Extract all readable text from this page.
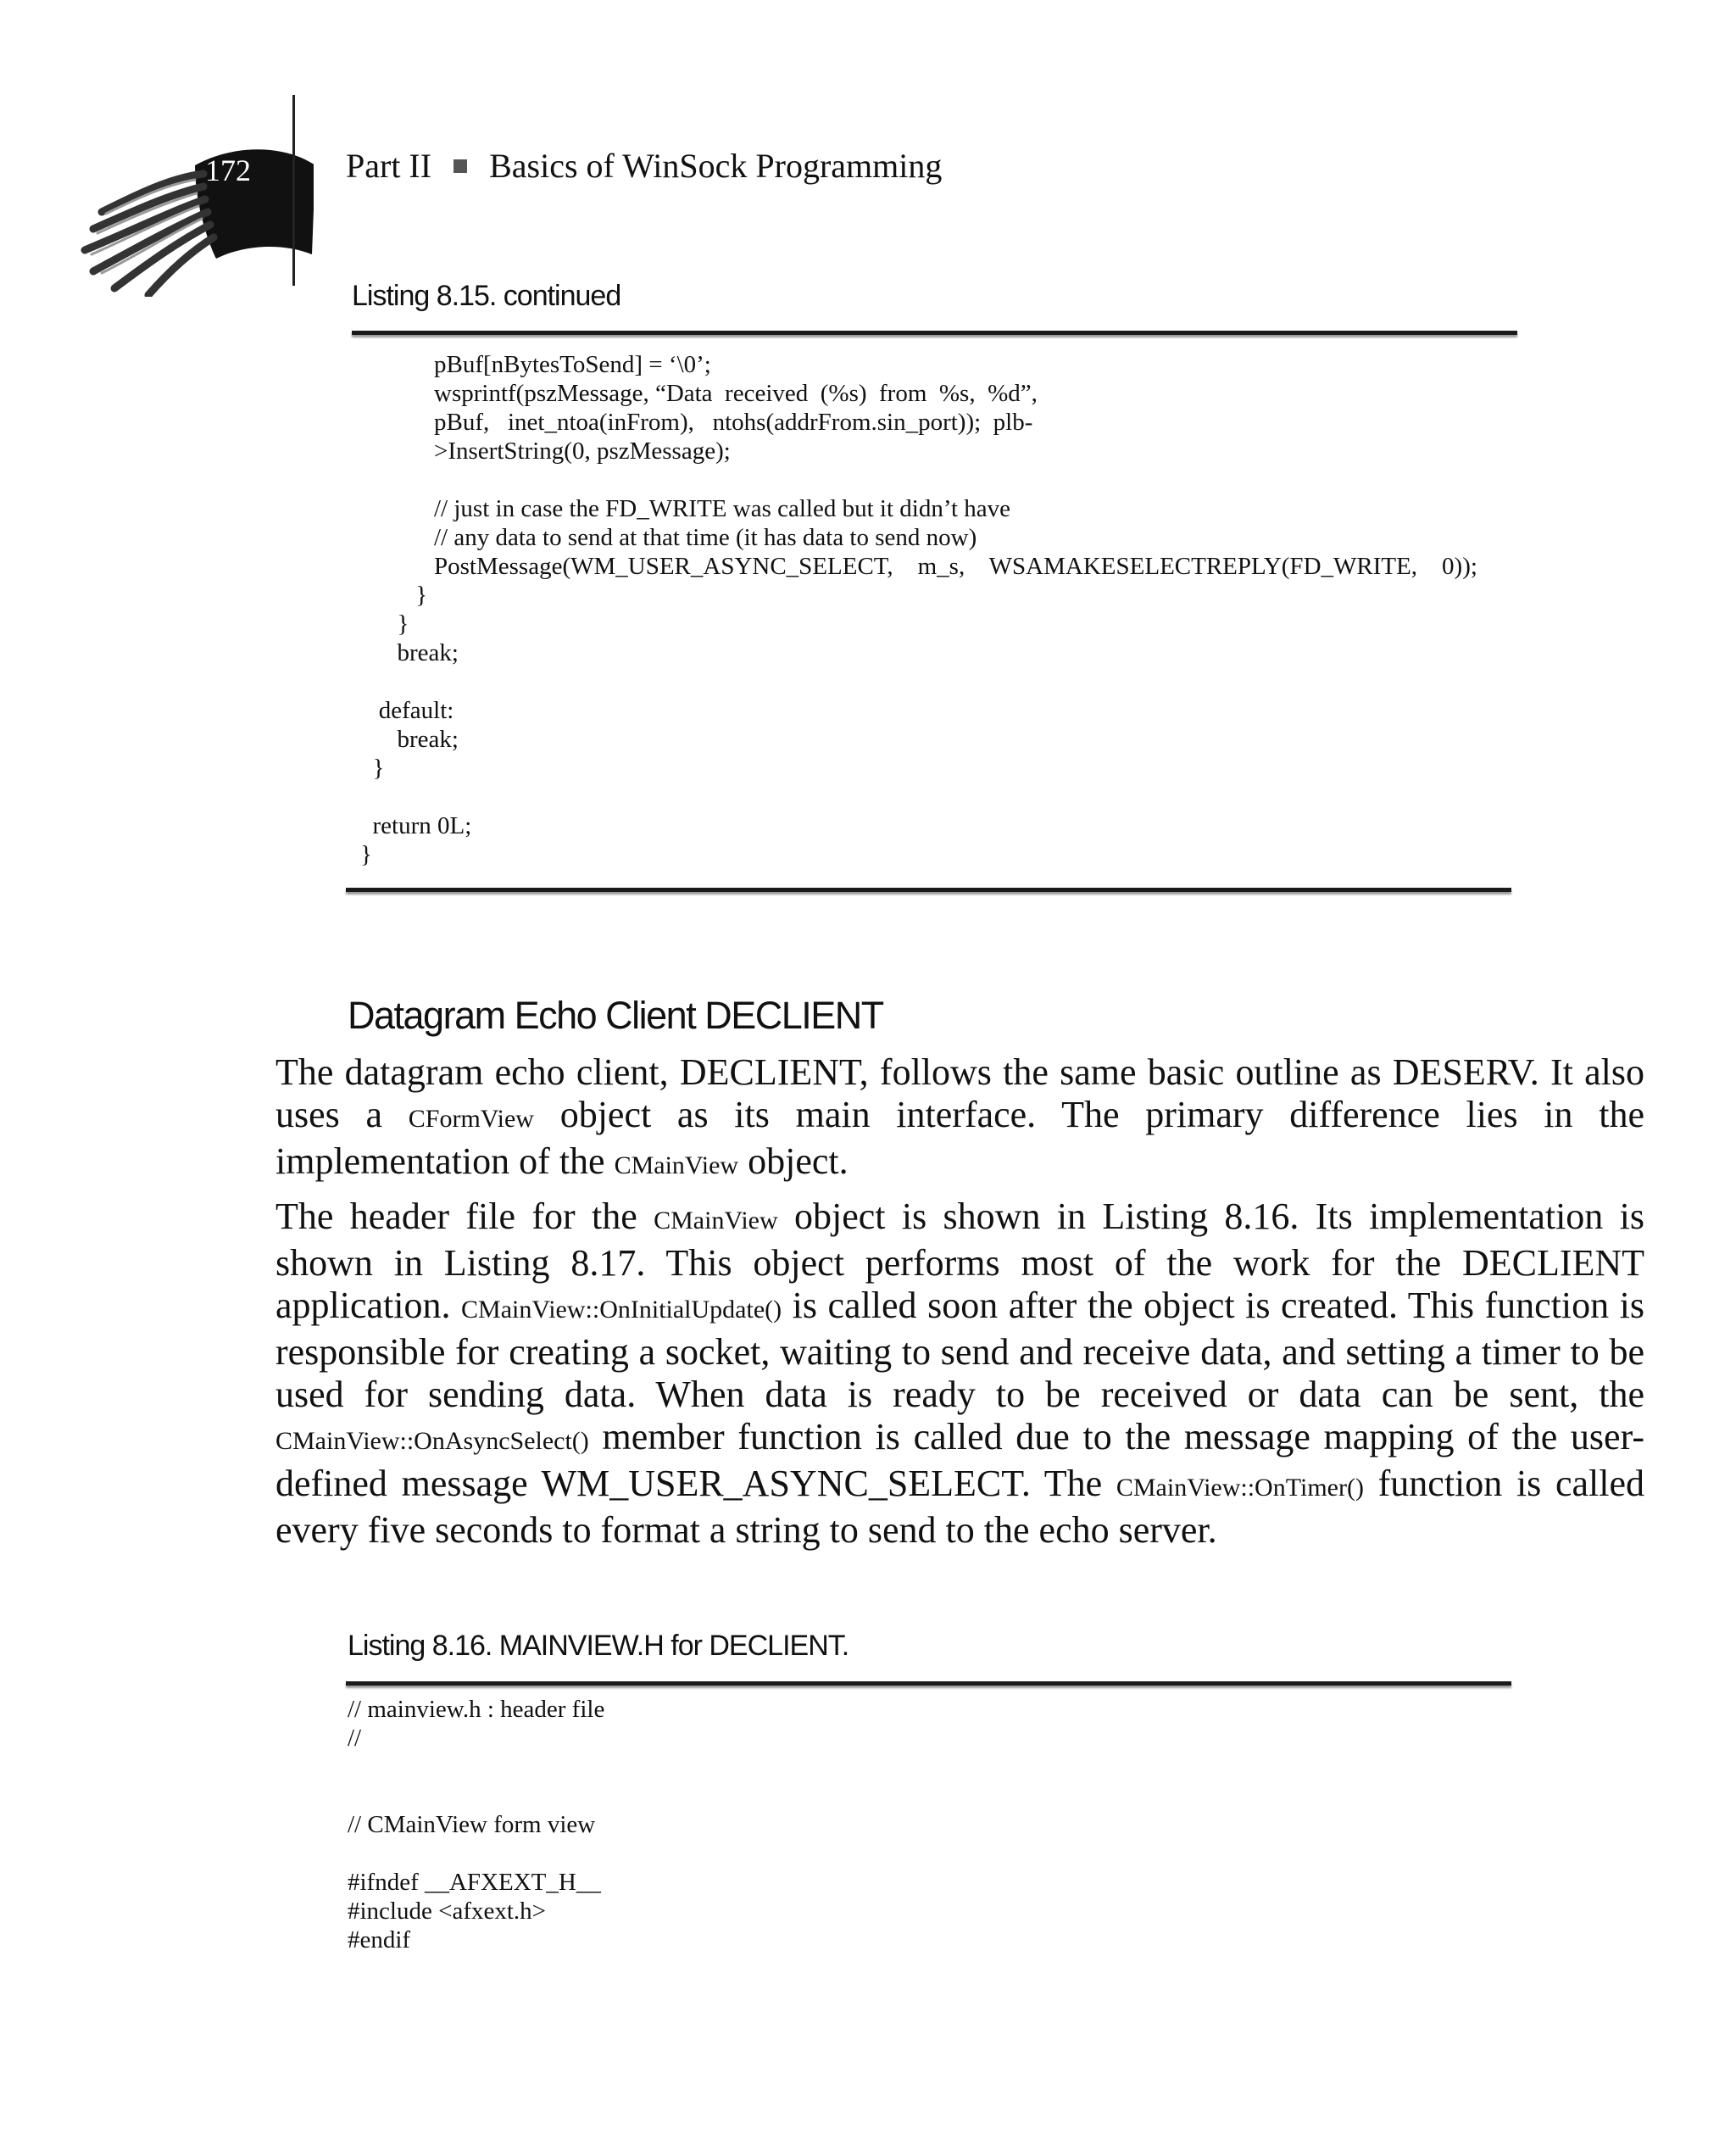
172	Part II Basics of WinSock Programming
Listing 8.15. continued
pBuf[nBytesToSend] = ‘\0’;
wsprintf(pszMessage, “Data  received  (%s)  from  %s,  %d”,
pBuf,   inet_ntoa(inFrom),   ntohs(addrFrom.sin_port));  plb-
>InsertString(0, pszMessage);
// just in case the FD_WRITE was called but it didn’t have
// any data to send at that time (it has data to send now)
PostMessage(WM_USER_ASYNC_SELECT,    m_s,    WSAMAKESELECTREPLY(FD_WRITE,    0));
}
}
break;
default:
break;
}
return 0L;
}
Datagram Echo Client DECLIENT
The datagram echo client, DECLIENT, follows the same basic outline as DESERV. It also uses a CFormView object as its main interface. The primary difference lies in the implementation of the CMainView object.
The header file for the CMainView object is shown in Listing 8.16. Its implementation is shown in Listing 8.17. This object performs most of the work for the DECLIENT application. CMainView::OnInitialUpdate() is called soon after the object is created. This function is responsible for creating a socket, waiting to send and receive data, and setting a timer to be used for sending data. When data is ready to be received or data can be sent, the CMainView::OnAsyncSelect() member function is called due to the message mapping of the user-defined message WM_USER_ASYNC_SELECT. The CMainView::OnTimer() function is called every five seconds to format a string to send to the echo server.
Listing 8.16. MAINVIEW.H for DECLIENT.
// mainview.h : header file
//
// CMainView form view
#ifndef __AFXEXT_H__
#include <afxext.h>
#endif
